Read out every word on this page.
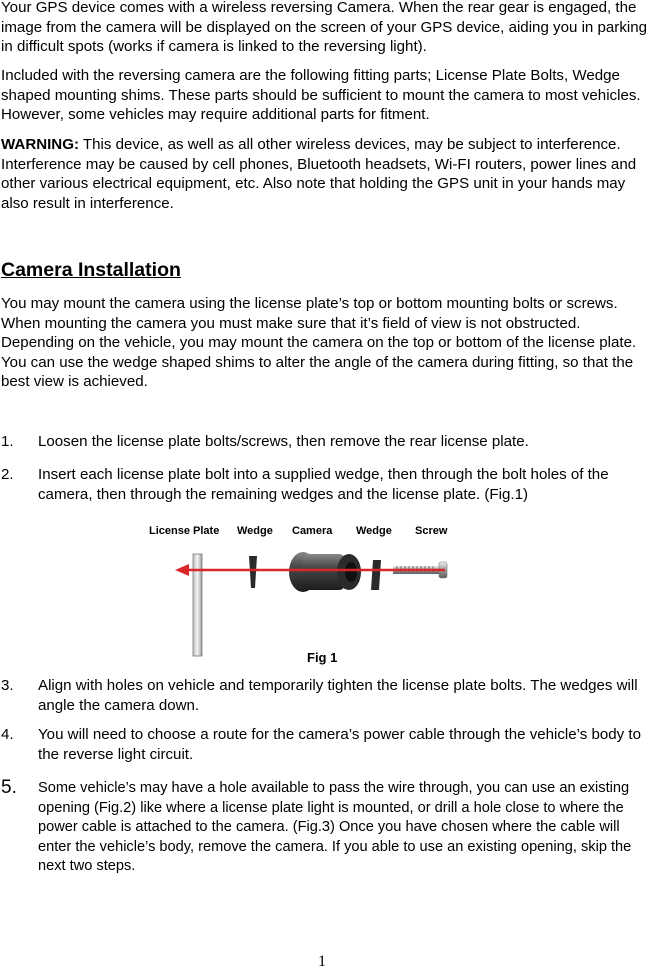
Your GPS device comes with a wireless reversing Camera. When the rear gear is engaged, the image from the camera will be displayed on the screen of your GPS device, aiding you in parking in difficult spots (works if camera is linked to the reversing light).

Included with the reversing camera are the following fitting parts; License Plate Bolts, Wedge shaped mounting shims. These parts should be sufficient to mount the camera to most vehicles. However, some vehicles may require additional parts for fitment.

WARNING: This device, as well as all other wireless devices, may be subject to interference. Interference may be caused by cell phones, Bluetooth headsets, Wi-FI routers, power lines and other various electrical equipment, etc. Also note that holding the GPS unit in your hands may also result in interference.

Camera Installation

You may mount the camera using the license plate’s top or bottom mounting bolts or screws. When mounting the camera you must make sure that it’s field of view is not obstructed. Depending on the vehicle, you may mount the camera on the top or bottom of the license plate. You can use the wedge shaped shims to alter the angle of the camera during fitting, so that the best view is achieved.

1. Loosen the license plate bolts/screws, then remove the rear license plate.
2. Insert each license plate bolt into a supplied wedge, then through the bolt holes of the camera, then through the remaining wedges and the license plate. (Fig.1)
License Plate Wedge Camera Wedge Screw
Fig 1
3. Align with holes on vehicle and temporarily tighten the license plate bolts. The wedges will angle the camera down.
4. You will need to choose a route for the camera’s power cable through the vehicle’s body to the reverse light circuit.
5. Some vehicle’s may have a hole available to pass the wire through, you can use an existing opening (Fig.2) like where a license plate light is mounted, or drill a hole close to where the power cable is attached to the camera. (Fig.3) Once you have chosen where the cable will enter the vehicle’s body, remove the camera. If you able to use an existing opening, skip the next two steps.
1
